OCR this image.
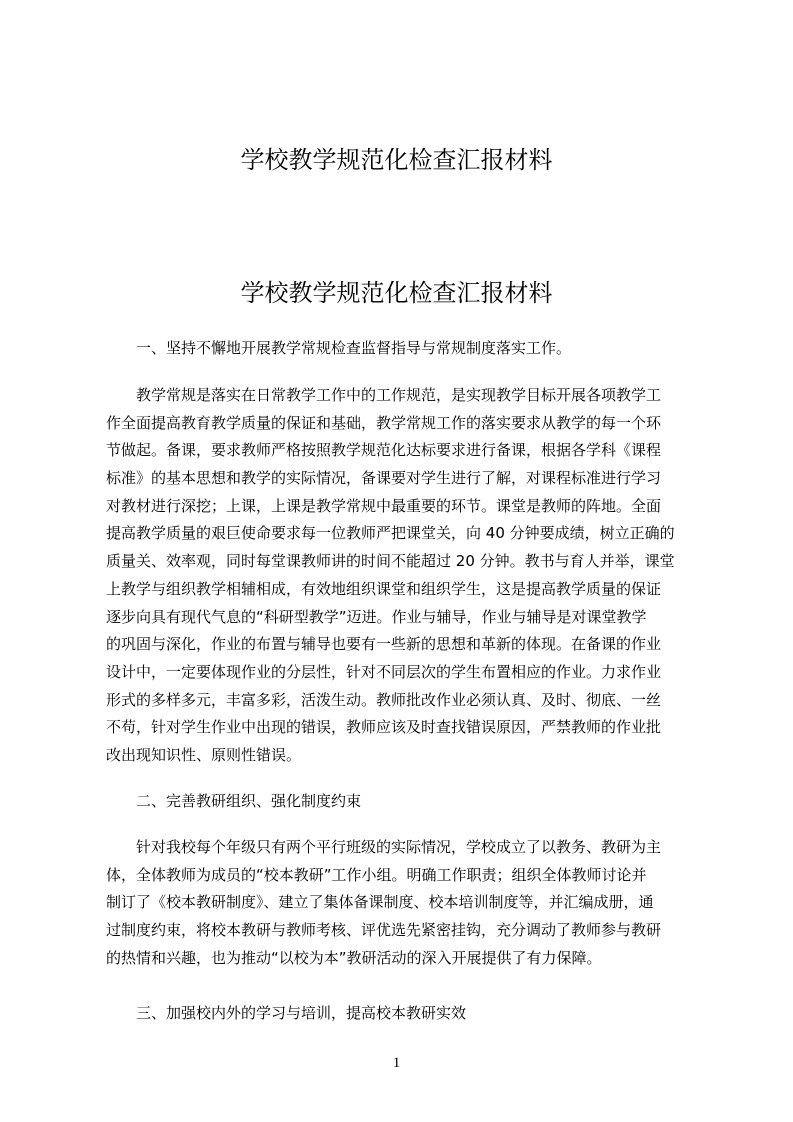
学校教学规范化检查汇报材料
学校教学规范化检查汇报材料

一、坚持不懈地开展教学常规检查监督指导与常规制度落实工作。

　　教学常规是落实在日常教学工作中的工作规范，是实现教学目标开展各项教学工
作全面提高教育教学质量的保证和基础，教学常规工作的落实要求从教学的每一个环
节做起。备课，要求教师严格按照教学规范化达标要求进行备课，根据各学科《课程
标准》的基本思想和教学的实际情况，备课要对学生进行了解，对课程标准进行学习
对教材进行深挖；上课，上课是教学常规中最重要的环节。课堂是教师的阵地。全面
提高教学质量的艰巨使命要求每一位教师严把课堂关，向 40 分钟要成绩，树立正确的
质量关、效率观，同时每堂课教师讲的时间不能超过 20 分钟。教书与育人并举，课堂
上教学与组织教学相辅相成，有效地组织课堂和组织学生，这是提高教学质量的保证
逐步向具有现代气息的“科研型教学”迈进。作业与辅导，作业与辅导是对课堂教学
的巩固与深化，作业的布置与辅导也要有一些新的思想和革新的体现。在备课的作业
设计中，一定要体现作业的分层性，针对不同层次的学生布置相应的作业。力求作业
形式的多样多元，丰富多彩，活泼生动。教师批改作业必须认真、及时、彻底、一丝
不苟，针对学生作业中出现的错误，教师应该及时查找错误原因，严禁教师的作业批
改出现知识性、原则性错误。

二、完善教研组织、强化制度约束

　　针对我校每个年级只有两个平行班级的实际情况，学校成立了以教务、教研为主
体，全体教师为成员的“校本教研”工作小组。明确工作职责；组织全体教师讨论并
制订了《校本教研制度》、建立了集体备课制度、校本培训制度等，并汇编成册，通
过制度约束，将校本教研与教师考核、评优选先紧密挂钩，充分调动了教师参与教研
的热情和兴趣，也为推动“以校为本”教研活动的深入开展提供了有力保障。

三、加强校内外的学习与培训，提高校本教研实效

1
